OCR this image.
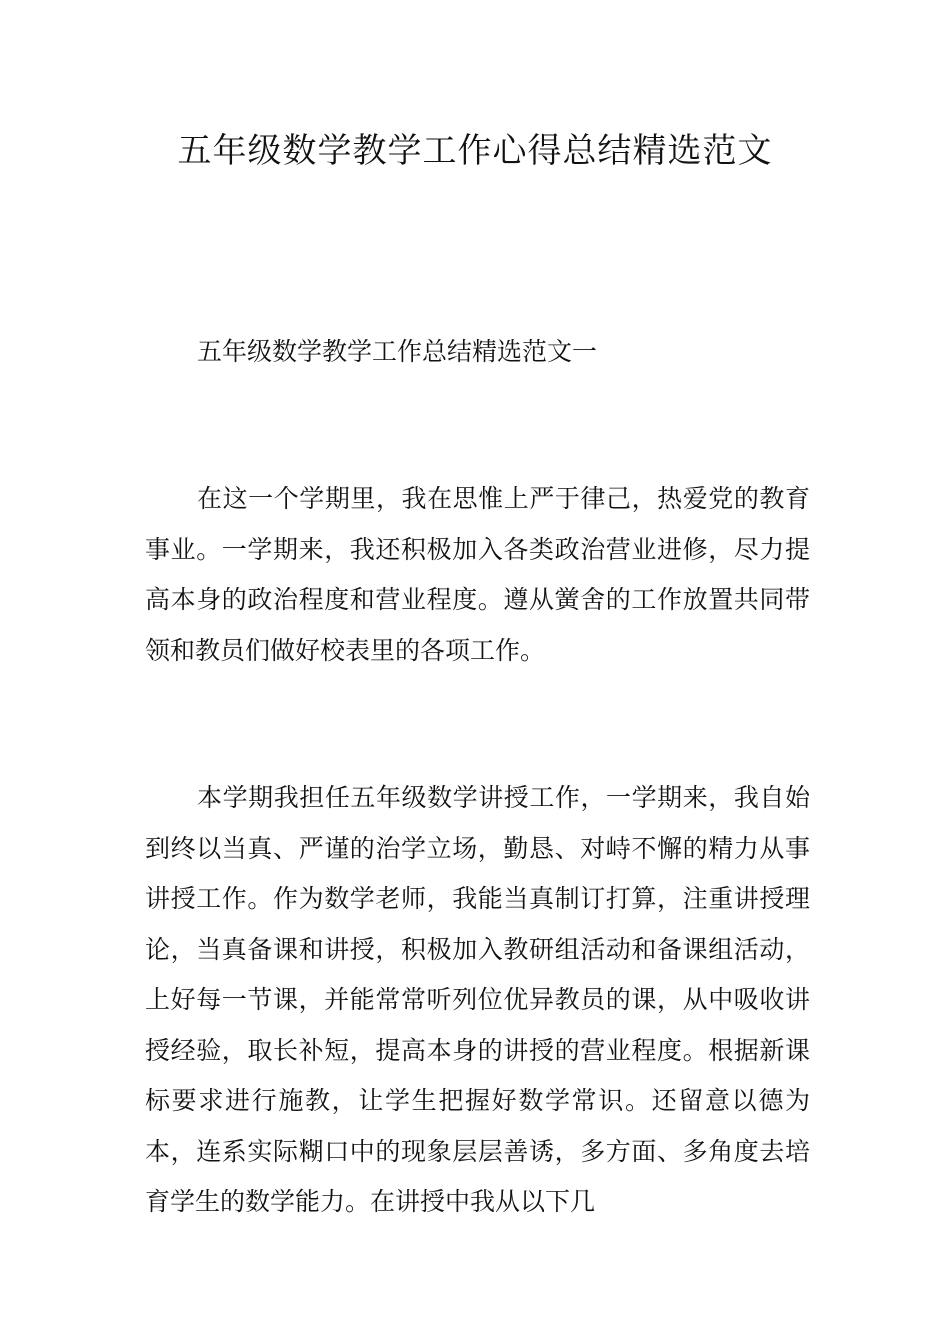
五年级数学教学工作心得总结精选范文

五年级数学教学工作总结精选范文一

在这一个学期里，我在思惟上严于律己，热爱党的教育事业。一学期来，我还积极加入各类政治营业进修，尽力提高本身的政治程度和营业程度。遵从黉舍的工作放置共同带领和教员们做好校表里的各项工作。

本学期我担任五年级数学讲授工作，一学期来，我自始到终以当真、严谨的治学立场，勤恳、对峙不懈的精力从事讲授工作。作为数学老师，我能当真制订打算，注重讲授理论，当真备课和讲授，积极加入教研组活动和备课组活动，上好每一节课，并能常常听列位优异教员的课，从中吸收讲授经验，取长补短，提高本身的讲授的营业程度。根据新课标要求进行施教，让学生把握好数学常识。还留意以德为本，连系实际糊口中的现象层层善诱，多方面、多角度去培育学生的数学能力。在讲授中我从以下几
